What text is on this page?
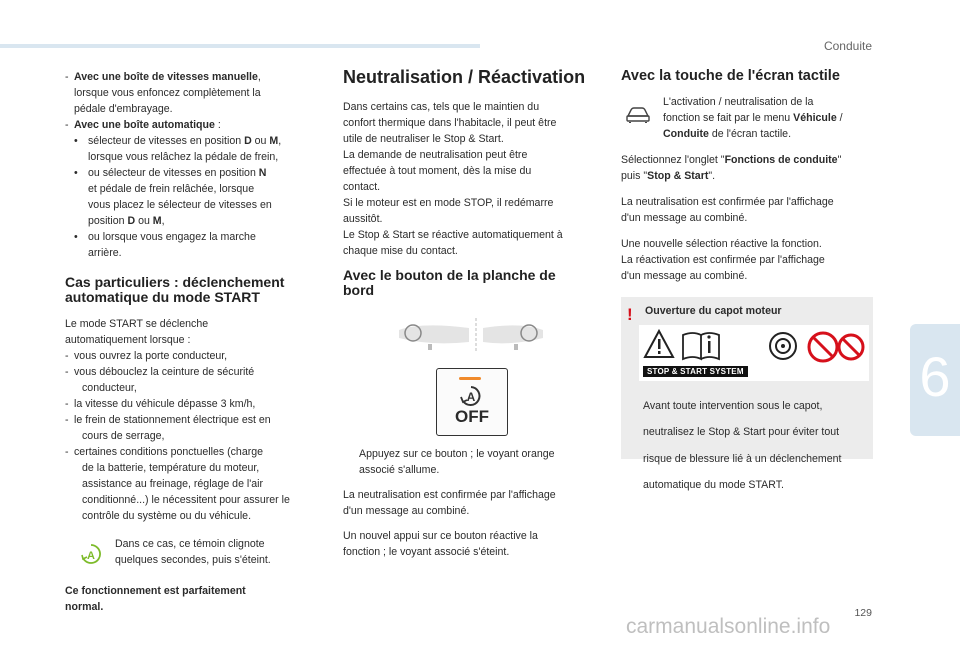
Conduite
6
129
carmanualsonline.info
- Avec une boîte de vitesses manuelle,

lorsque vous enfoncez complètement la

pédale d'embrayage.

- Avec une boîte automatique :
• sélecteur de vitesses en position D ou M,

lorsque vous relâchez la pédale de frein,

• ou sélecteur de vitesses en position N

et pédale de frein relâchée, lorsque

vous placez le sélecteur de vitesses en

position D ou M,

• ou lorsque vous engagez la marche

arrière.

Cas particuliers : déclenchement
automatique du mode START

Le mode START se déclenche

automatiquement lorsque :

- vous ouvrez la porte conducteur,
- vous débouclez la ceinture de sécurité

conducteur,

- la vitesse du véhicule dépasse 3 km/h,
- le frein de stationnement électrique est en

cours de serrage,

- certaines conditions ponctuelles (charge

de la batterie, température du moteur,

assistance au freinage, réglage de l'air

conditionné...) le nécessitent pour assurer le

contrôle du système ou du véhicule.

A

Dans ce cas, ce témoin clignote

quelques secondes, puis s'éteint.

Ce fonctionnement est parfaitement

normal.

Neutralisation / Réactivation

Dans certains cas, tels que le maintien du

confort thermique dans l'habitacle, il peut être

utile de neutraliser le Stop & Start.

La demande de neutralisation peut être

effectuée à tout moment, dès la mise du

contact.

Si le moteur est en mode STOP, il redémarre

aussitôt.

Le Stop & Start se réactive automatiquement à

chaque mise du contact.

Avec le bouton de la planche de
bord
A
OFF
Appuyez sur ce bouton ; le voyant orange

associé s'allume.

La neutralisation est confirmée par l'affichage

d'un message au combiné.

Un nouvel appui sur ce bouton réactive la

fonction ; le voyant associé s'éteint.

Avec la touche de l'écran tactile

L'activation / neutralisation de la

fonction se fait par le menu Véhicule /

Conduite de l'écran tactile.

Sélectionnez l'onglet "Fonctions de conduite"

puis "Stop & Start".

La neutralisation est confirmée par l'affichage

d'un message au combiné.

Une nouvelle sélection réactive la fonction.

La réactivation est confirmée par l'affichage

d'un message au combiné.

! Ouverture du capot moteur
STOP & START SYSTEM

Avant toute intervention sous le capot,

neutralisez le Stop & Start pour éviter tout

risque de blessure lié à un déclenchement

automatique du mode START.
